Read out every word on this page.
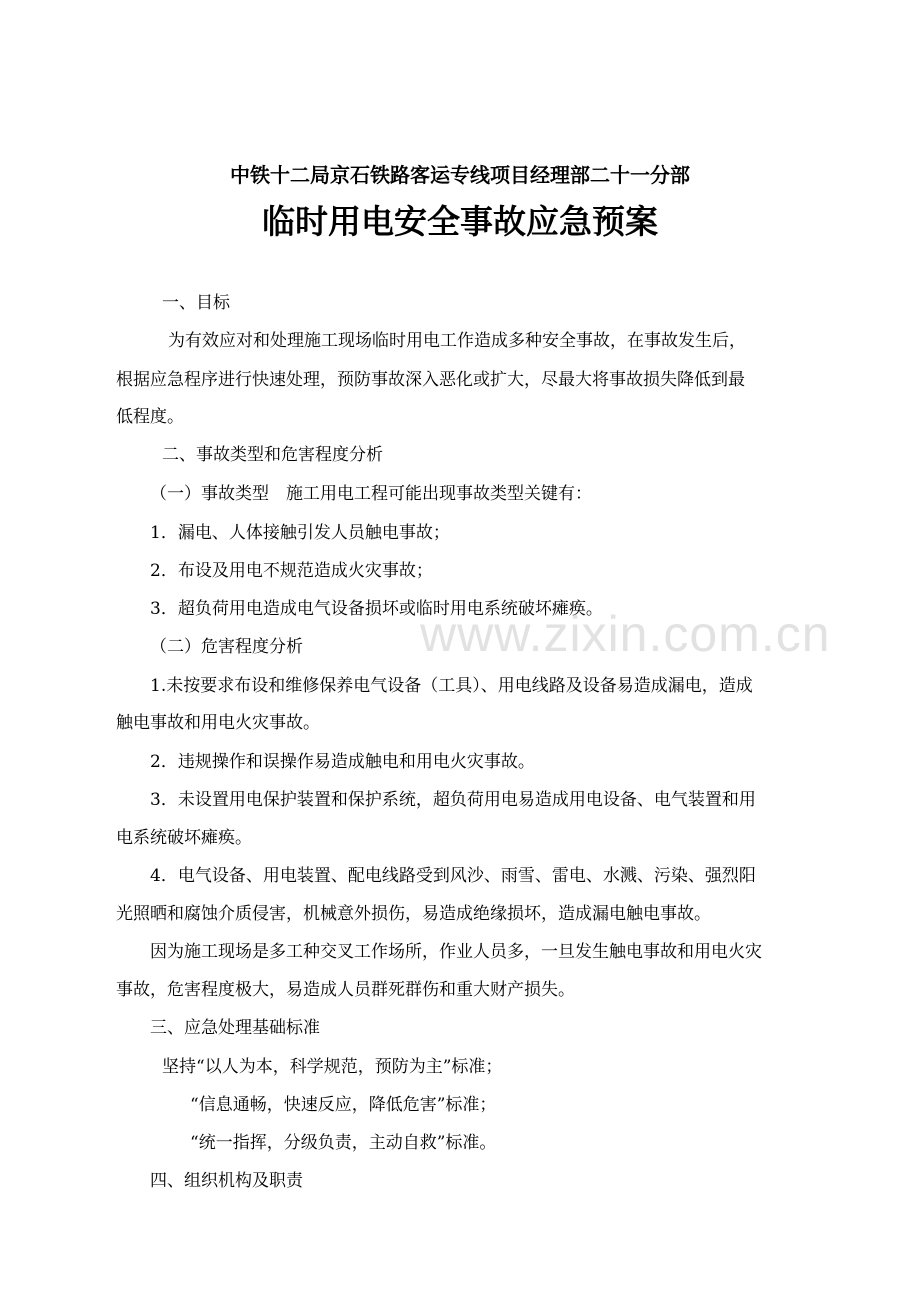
中铁十二局京石铁路客运专线项目经理部二十一分部
临时用电安全事故应急预案
一、目标
为有效应对和处理施工现场临时用电工作造成多种安全事故，在事故发生后，
根据应急程序进行快速处理，预防事故深入恶化或扩大，尽最大将事故损失降低到最
低程度。
二、事故类型和危害程度分析
（一）事故类型　施工用电工程可能出现事故类型关键有：
1．漏电、人体接触引发人员触电事故；
2．布设及用电不规范造成火灾事故；
3．超负荷用电造成电气设备损坏或临时用电系统破坏瘫痪。
（二）危害程度分析
1.未按要求布设和维修保养电气设备（工具）、用电线路及设备易造成漏电，造成
触电事故和用电火灾事故。
2．违规操作和误操作易造成触电和用电火灾事故。
3．未设置用电保护装置和保护系统，超负荷用电易造成用电设备、电气装置和用
电系统破坏瘫痪。
4．电气设备、用电装置、配电线路受到风沙、雨雪、雷电、水溅、污染、强烈阳
光照晒和腐蚀介质侵害，机械意外损伤，易造成绝缘损坏，造成漏电触电事故。
因为施工现场是多工种交叉工作场所，作业人员多，一旦发生触电事故和用电火灾
事故，危害程度极大，易造成人员群死群伤和重大财产损失。
三、应急处理基础标准
坚持“以人为本，科学规范，预防为主”标准；
“信息通畅，快速反应，降低危害”标准；
“统一指挥，分级负责，主动自救”标准。
四、组织机构及职责
www.zixin.com.cn
